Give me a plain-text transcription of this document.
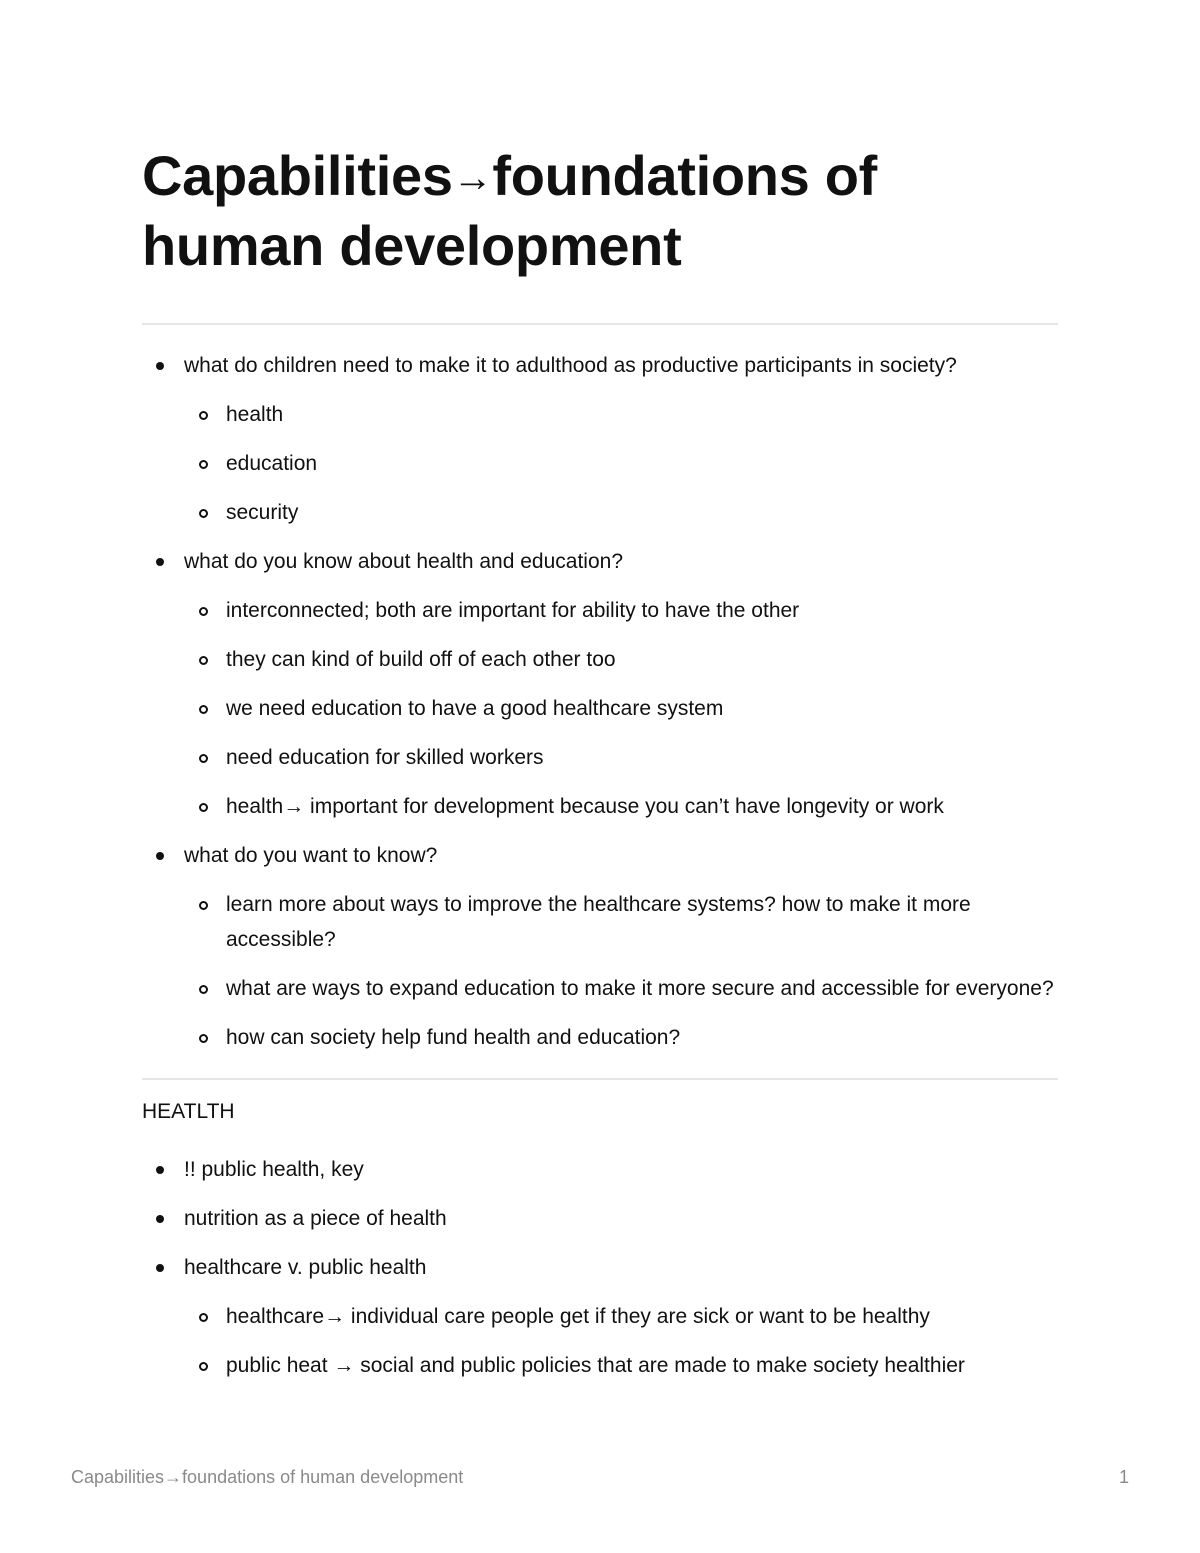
Capabilities→foundations of human development
what do children need to make it to adulthood as productive participants in society?
health
education
security
what do you know about health and education?
interconnected; both are important for ability to have the other
they can kind of build off of each other too
we need education to have a good healthcare system
need education for skilled workers
health→ important for development because you can’t have longevity or work
what do you want to know?
learn more about ways to improve the healthcare systems? how to make it more accessible?
what are ways to expand education to make it more secure and accessible for everyone?
how can society help fund health and education?
HEATLTH
!! public health, key
nutrition as a piece of health
healthcare v. public health
healthcare→ individual care people get if they are sick or want to be healthy
public heat → social and public policies that are made to make society healthier
Capabilities→foundations of human development	1
